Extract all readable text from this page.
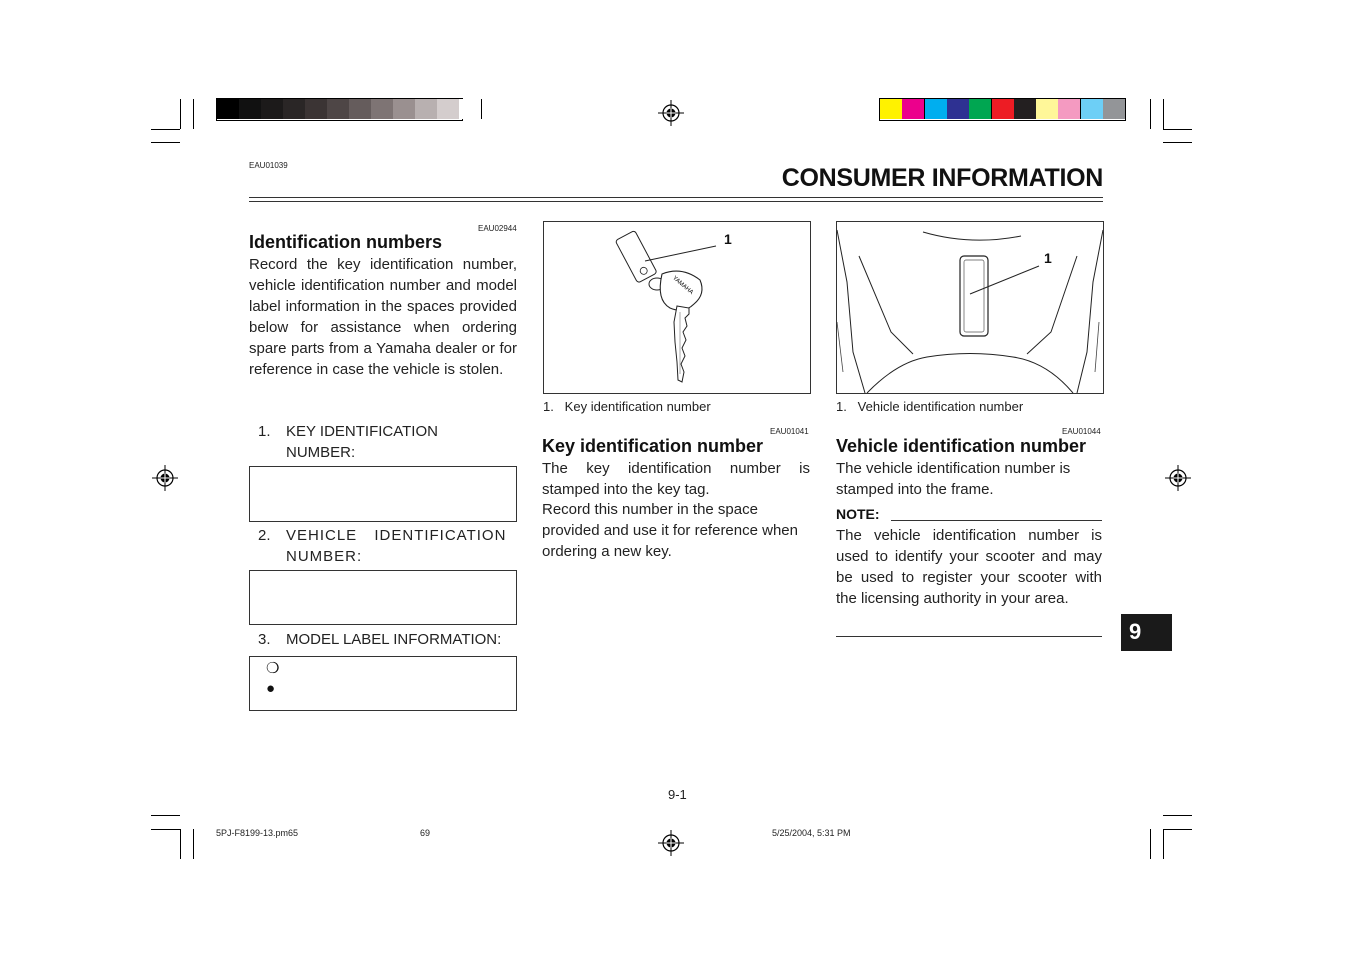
EAU01039	CONSUMER INFORMATION
EAU02944
Identification numbers
Record the key identification number, vehicle identification number and model label information in the spaces provided below for assistance when ordering spare parts from a Yamaha dealer or for reference in case the vehicle is stolen.
1. KEY IDENTIFICATION NUMBER:
2. VEHICLE IDENTIFICATION NUMBER:
3. MODEL LABEL INFORMATION:
❍
●
YAMAHA
1
1.   Key identification number
EAU01041
Key identification number
The key identification number is stamped into the key tag.
Record this number in the space provided and use it for reference when ordering a new key.
1
1.   Vehicle identification number
EAU01044
Vehicle identification number
The vehicle identification number is stamped into the frame.
NOTE:
The vehicle identification number is used to identify your scooter and may be used to register your scooter with the licensing authority in your area.
9
9-1
5PJ-F8199-13.pm65	69	5/25/2004, 5:31 PM
